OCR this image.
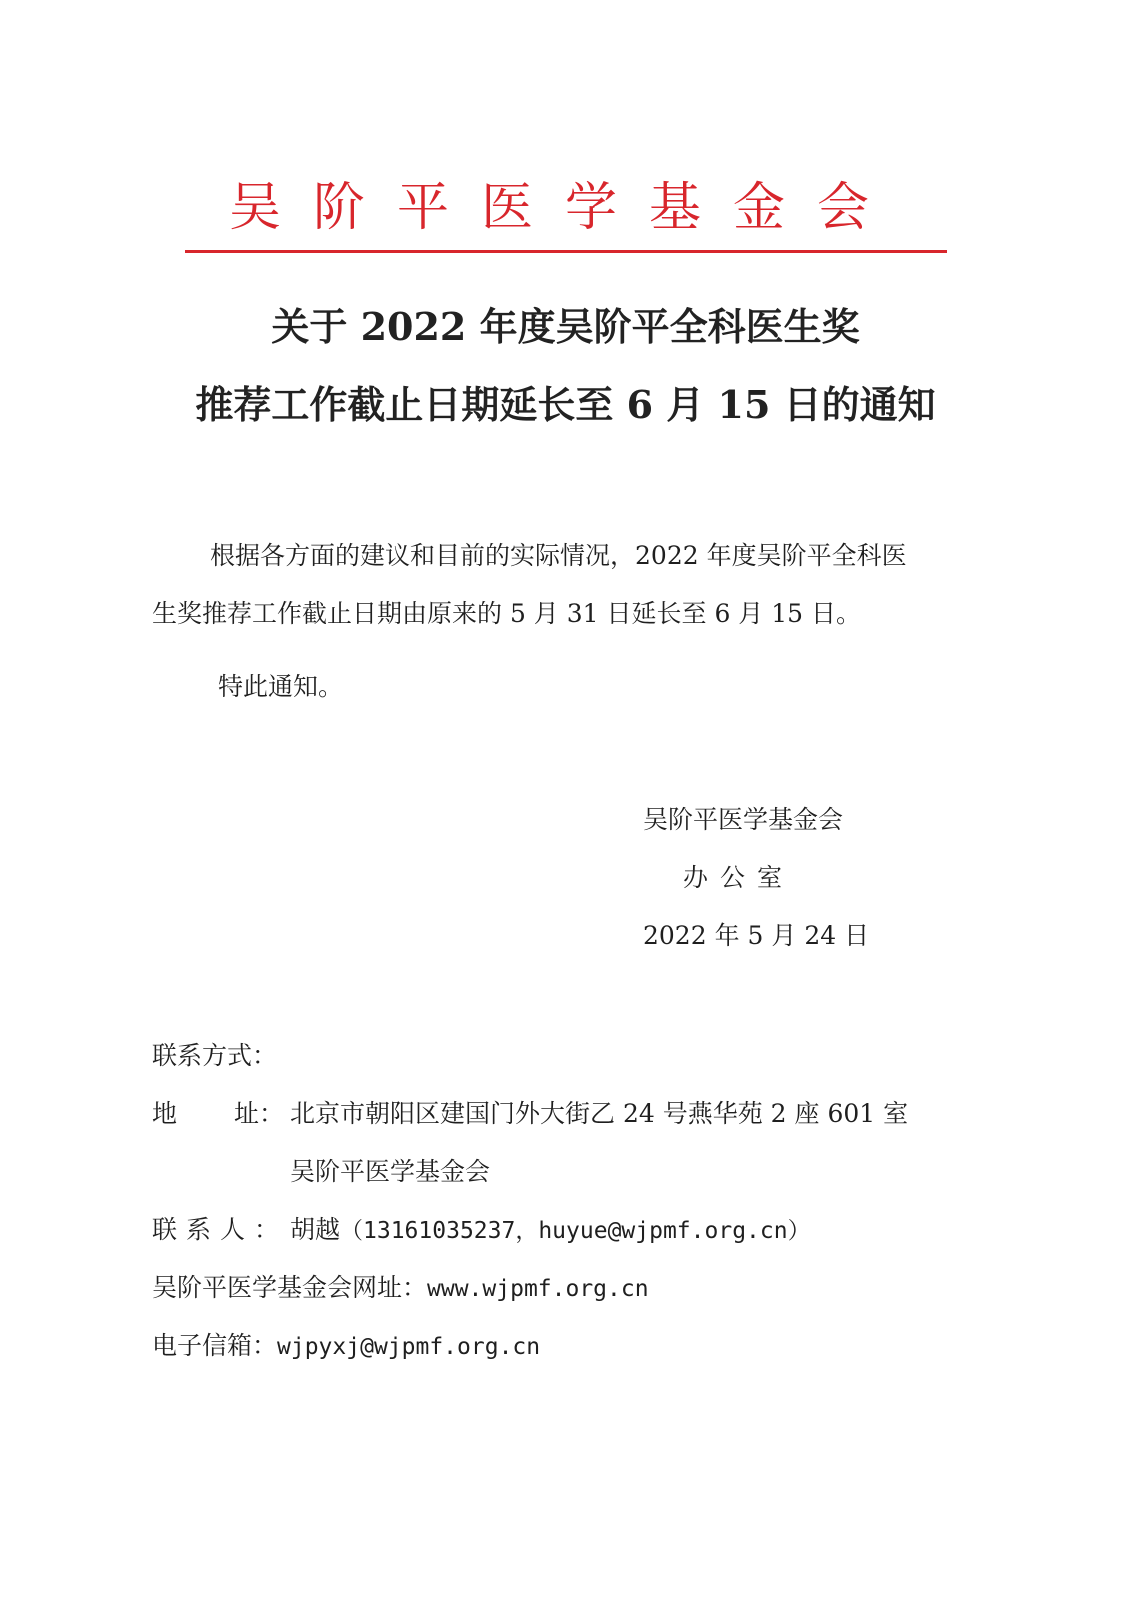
吴阶平医学基金会
关于 2022 年度吴阶平全科医生奖
推荐工作截止日期延长至 6 月 15 日的通知
根据各方面的建议和目前的实际情况，2022 年度吴阶平全科医
生奖推荐工作截止日期由原来的 5 月 31 日延长至 6 月 15 日。
特此通知。
吴阶平医学基金会
办公室
2022 年 5 月 24 日
联系方式：
地 址： 北京市朝阳区建国门外大街乙 24 号燕华苑 2 座 601 室
吴阶平医学基金会
联系人： 胡越（13161035237，huyue@wjpmf.org.cn）
吴阶平医学基金会网址：www.wjpmf.org.cn
电子信箱：wjpyxj@wjpmf.org.cn
